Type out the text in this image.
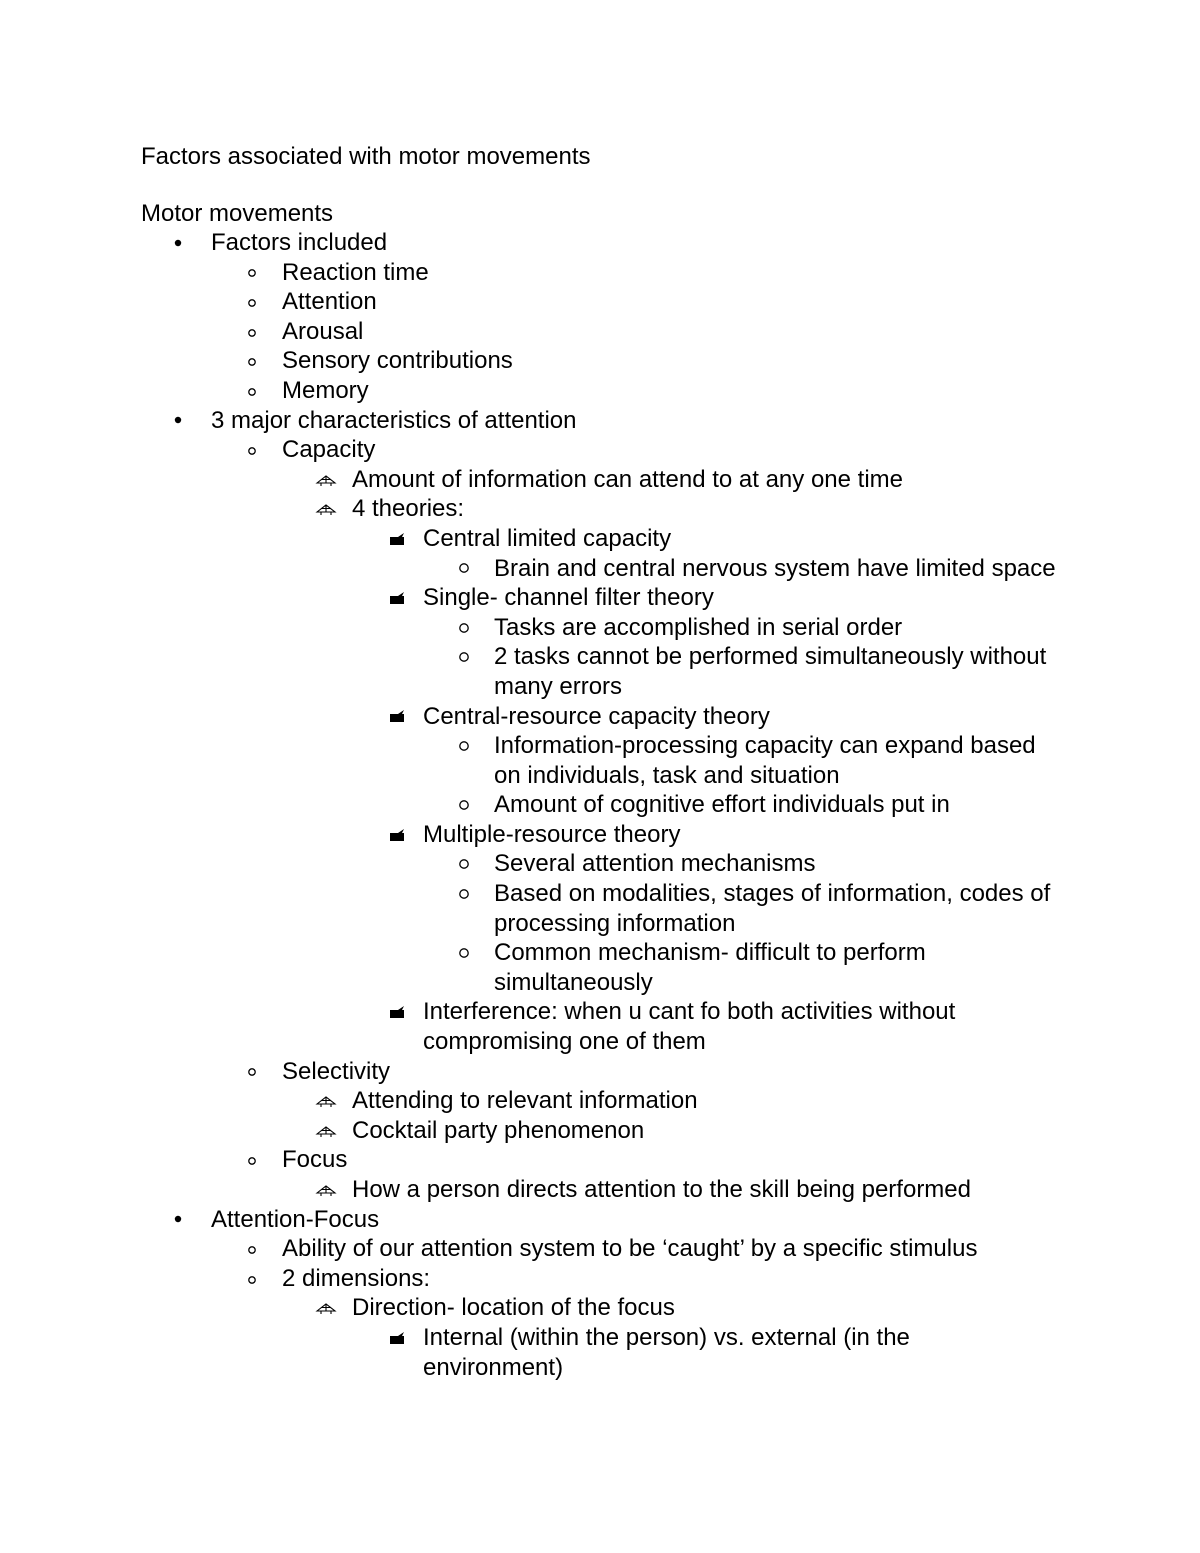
Factors associated with motor movements
Motor movements
Factors included
Reaction time
Attention
Arousal
Sensory contributions
Memory
3 major characteristics of attention
Capacity
Amount of information can attend to at any one time
4 theories:
Central limited capacity
Brain and central nervous system have limited space
Single- channel filter theory
Tasks are accomplished in serial order
2 tasks cannot be performed simultaneously without many errors
Central-resource capacity theory
Information-processing capacity can expand based on individuals, task and situation
Amount of cognitive effort individuals put in
Multiple-resource theory
Several attention mechanisms
Based on modalities, stages of information, codes of processing information
Common mechanism- difficult to perform simultaneously
Interference: when u cant fo both activities without compromising one of them
Selectivity
Attending to relevant information
Cocktail party phenomenon
Focus
How a person directs attention to the skill being performed
Attention-Focus
Ability of our attention system to be ‘caught’ by a specific stimulus
2 dimensions:
Direction- location of the focus
Internal (within the person) vs. external (in the environment)
